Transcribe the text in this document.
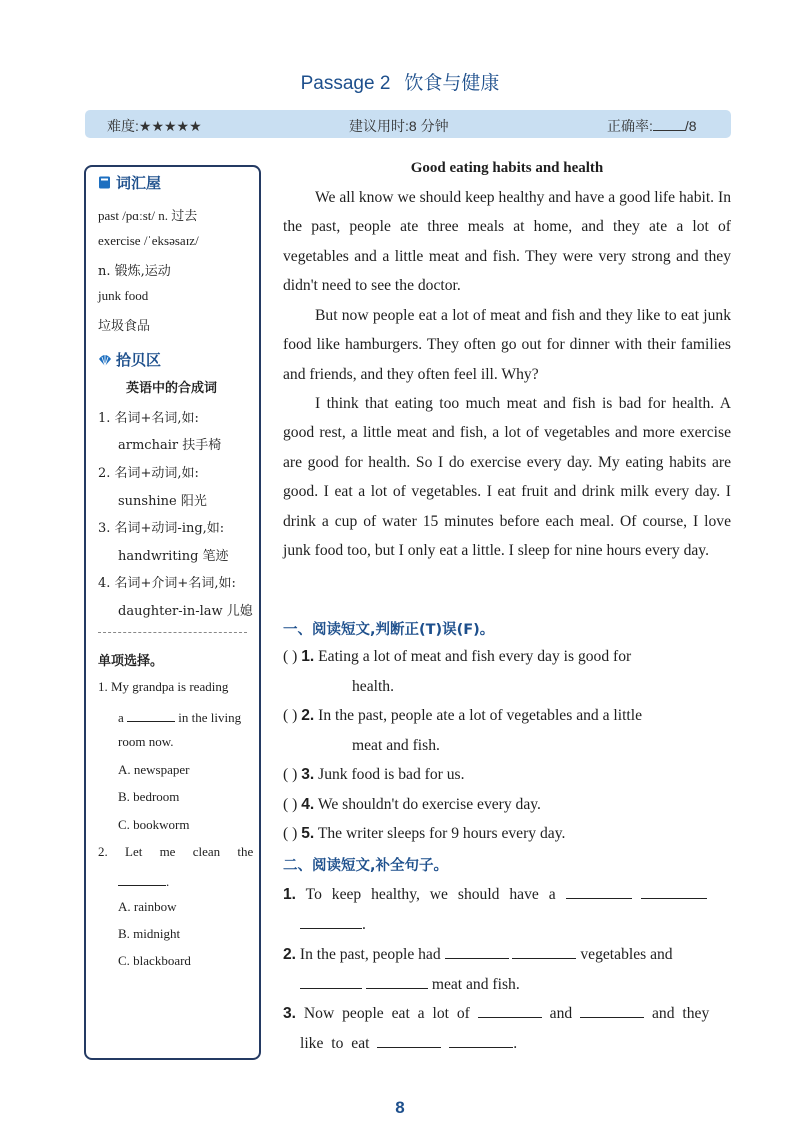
Passage 2 饮食与健康
难度:★★★★★	建议用时:8 分钟	正确率: /8
词汇屋
past /pɑːst/ n. 过去
exercise /ˈeksəsaɪz/
n. 锻炼,运动
junk food
垃圾食品
拾贝区
英语中的合成词
1. 名词+名词,如:
armchair 扶手椅
2. 名词+动词,如:
sunshine 阳光
3. 名词+动词-ing,如:
handwriting 笔迹
4. 名词+介词+名词,如:
daughter-in-law 儿媳
单项选择。
1. My grandpa is reading
a	in the living
room now.
A. newspaper
B. bedroom
C. bookworm
2. Let me clean the
.
A. rainbow
B. midnight
C. blackboard
Good eating habits and health

We all know we should keep healthy and have a good life habit. In the past, people ate three meals at home, and they ate a lot of vegetables and a little meat and fish. They were very strong and they didn't need to see the doctor.

But now people eat a lot of meat and fish and they like to eat junk food like hamburgers. They often go out for dinner with their families and friends, and they often feel ill. Why?

I think that eating too much meat and fish is bad for health. A good rest, a little meat and fish, a lot of vegetables and more exercise are good for health. So I do exercise every day. My eating habits are good. I eat a lot of vegetables. I eat fruit and drink milk every day. I drink a cup of water 15 minutes before each meal. Of course, I love junk food too, but I only eat a little. I sleep for nine hours every day.

一、阅读短文,判断正(T)误(F)。
( ) 1. Eating a lot of meat and fish every day is good for
health.
( ) 2. In the past, people ate a lot of vegetables and a little
meat and fish.
( ) 3. Junk food is bad for us.
( ) 4. We shouldn't do exercise every day.
( ) 5. The writer sleeps for 9 hours every day.
二、阅读短文,补全句子。
1. To keep healthy, we should have a
.
2. In the past, people had	vegetables and
meat and fish.
3. Now people eat a lot of	and	and they
like to eat	.
8
